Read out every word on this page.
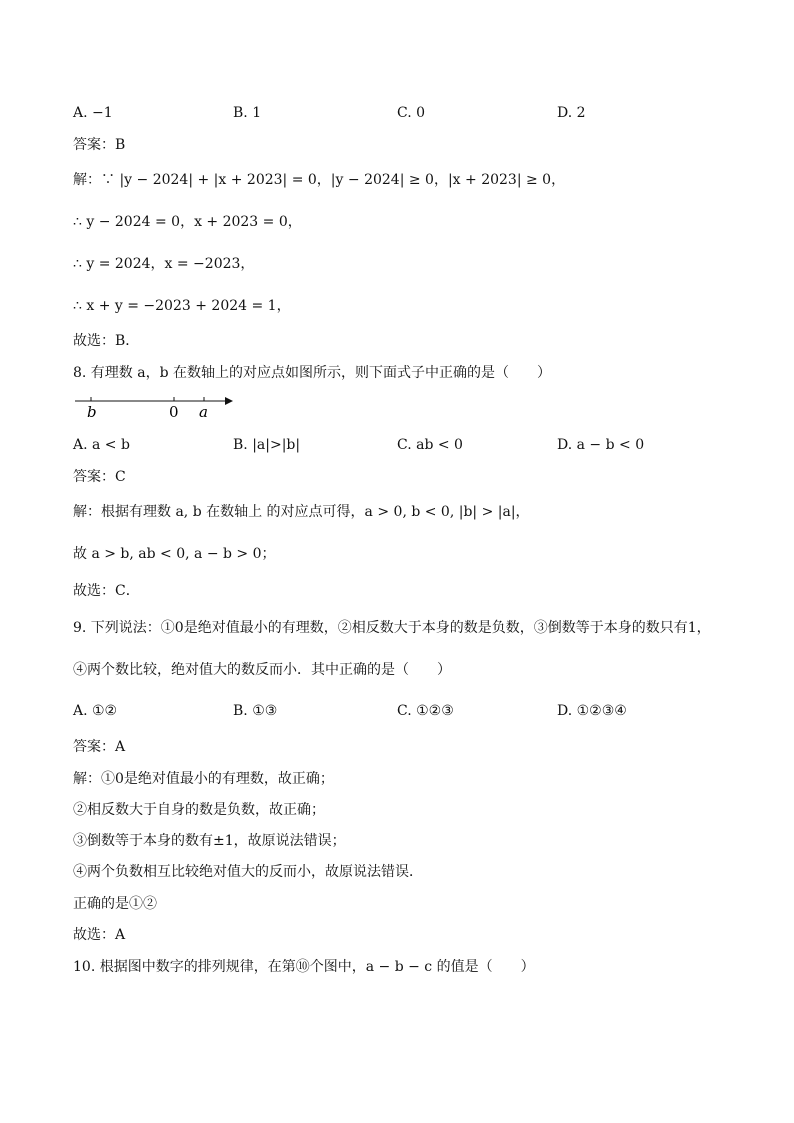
A. −1	B. 1	C. 0	D. 2
答案：B
解：∵ |y − 2024| + |x + 2023| = 0，|y − 2024| ≥ 0，|x + 2023| ≥ 0，
∴ y − 2024 = 0，x + 2023 = 0，
∴ y = 2024，x = −2023，
∴ x + y = −2023 + 2024 = 1，
故选：B．
8. 有理数 a，b 在数轴上的对应点如图所示，则下面式子中正确的是（　　）
b	0 a
A. a < b	B. |a|>|b|	C. ab < 0	D. a − b < 0
答案：C
解：根据有理数 a, b 在数轴上 的对应点可得，a > 0, b < 0, |b| > |a|，
故 a > b, ab < 0, a − b > 0；
故选：C．
9. 下列说法：①0是绝对值最小的有理数，②相反数大于本身的数是负数，③倒数等于本身的数只有1，
④两个数比较，绝对值大的数反而小．其中正确的是（　　）
A. ①②	B. ①③	C. ①②③	D. ①②③④
答案：A
解：①0是绝对值最小的有理数，故正确；
②相反数大于自身的数是负数，故正确；
③倒数等于本身的数有±1，故原说法错误；
④两个负数相互比较绝对值大的反而小，故原说法错误．
正确的是①②
故选：A
10. 根据图中数字的排列规律，在第⑩个图中，a − b − c 的值是（　　）
